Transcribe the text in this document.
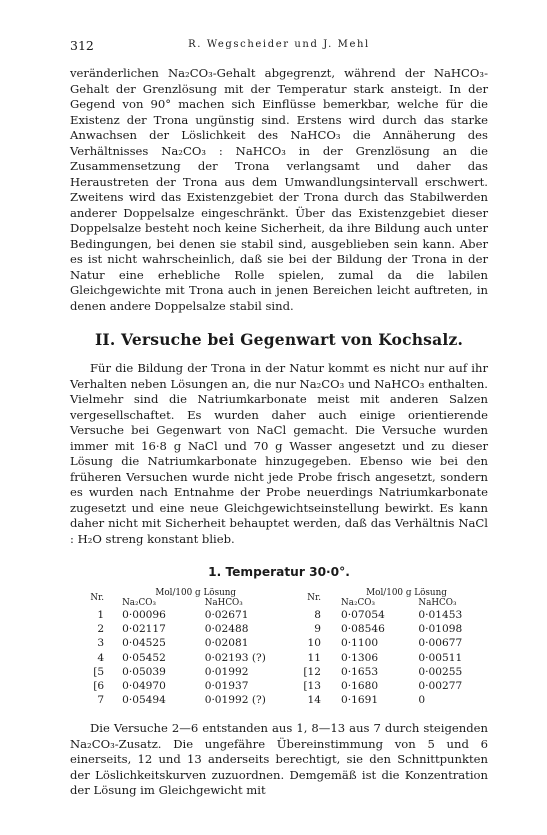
312	R. Wegscheider und J. Mehl

veränderlichen Na₂CO₃-Gehalt abgegrenzt, während der NaHCO₃-Gehalt der Grenzlösung mit der Temperatur stark ansteigt. In der Gegend von 90° machen sich Einflüsse bemerkbar, welche für die Existenz der Trona ungünstig sind. Erstens wird durch das starke Anwachsen der Löslichkeit des NaHCO₃ die Annäherung des Verhältnisses Na₂CO₃ : NaHCO₃ in der Grenzlösung an die Zusammensetzung der Trona verlangsamt und daher das Heraustreten der Trona aus dem Umwandlungsintervall erschwert. Zweitens wird das Existenzgebiet der Trona durch das Stabilwerden anderer Doppelsalze eingeschränkt. Über das Existenzgebiet dieser Doppelsalze besteht noch keine Sicherheit, da ihre Bildung auch unter Bedingungen, bei denen sie stabil sind, ausgeblieben sein kann. Aber es ist nicht wahrscheinlich, daß sie bei der Bildung der Trona in der Natur eine erhebliche Rolle spielen, zumal da die labilen Gleichgewichte mit Trona auch in jenen Bereichen leicht auftreten, in denen andere Doppelsalze stabil sind.

II. Versuche bei Gegenwart von Kochsalz.

Für die Bildung der Trona in der Natur kommt es nicht nur auf ihr Verhalten neben Lösungen an, die nur Na₂CO₃ und NaHCO₃ enthalten. Vielmehr sind die Natriumkarbonate meist mit anderen Salzen vergesellschaftet. Es wurden daher auch einige orientierende Versuche bei Gegenwart von NaCl gemacht. Die Versuche wurden immer mit 16·8 g NaCl und 70 g Wasser angesetzt und zu dieser Lösung die Natriumkarbonate hinzugegeben. Ebenso wie bei den früheren Versuchen wurde nicht jede Probe frisch angesetzt, sondern es wurden nach Entnahme der Probe neuerdings Natriumkarbonate zugesetzt und eine neue Gleichgewichtseinstellung bewirkt. Es kann daher nicht mit Sicherheit behauptet werden, daß das Verhältnis NaCl : H₂O streng konstant blieb.

1. Temperatur 30·0°.
Nr.	Mol/100 g Lösung			Nr.	Mol/100 g Lösung	
	Na₂CO₃	NaHCO₃			Na₂CO₃	NaHCO₃
1	0·00096	0·02671		8	0·07054	0·01453
2	0·02117	0·02488		9	0·08546	0·01098
3	0·04525	0·02081		10	0·1100	0·00677
4	0·05452	0·02193 (?)		11	0·1306	0·00511
[5	0·05039	0·01992		[12	0·1653	0·00255
[6	0·04970	0·01937		[13	0·1680	0·00277
7	0·05494	0·01992 (?)		14	0·1691	0

Die Versuche 2—6 entstanden aus 1, 8—13 aus 7 durch steigenden Na₂CO₃-Zusatz. Die ungefähre Übereinstimmung von 5 und 6 einerseits, 12 und 13 anderseits berechtigt, sie den Schnittpunkten der Löslichkeitskurven zuzuordnen. Demgemäß ist die Konzentration der Lösung im Gleichgewicht mit
